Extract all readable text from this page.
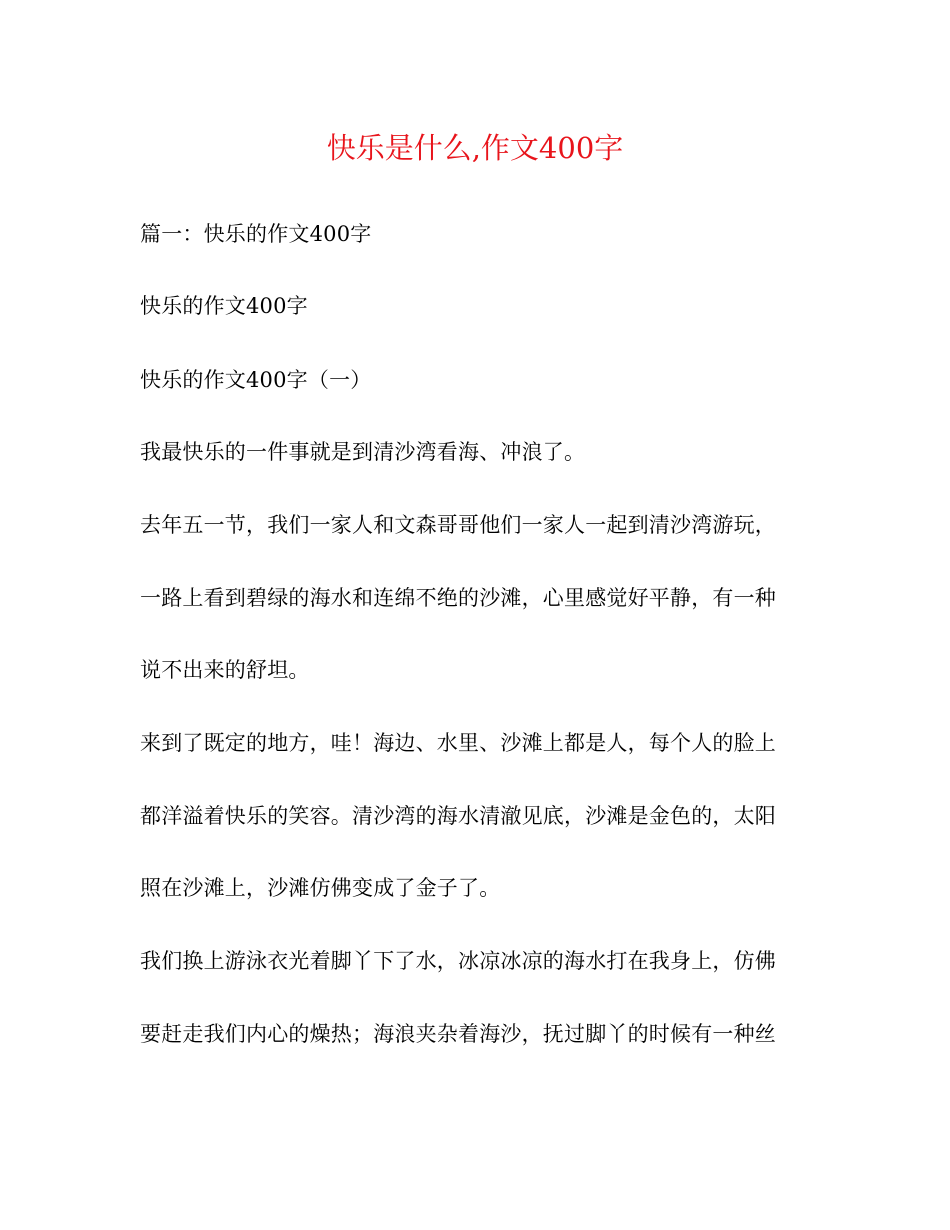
快乐是什么,作文400字
篇一：快乐的作文400字
快乐的作文400字
快乐的作文400字（一）
我最快乐的一件事就是到清沙湾看海、冲浪了。
去年五一节，我们一家人和文森哥哥他们一家人一起到清沙湾游玩，
一路上看到碧绿的海水和连绵不绝的沙滩，心里感觉好平静，有一种
说不出来的舒坦。
来到了既定的地方，哇！海边、水里、沙滩上都是人，每个人的脸上
都洋溢着快乐的笑容。清沙湾的海水清澈见底，沙滩是金色的，太阳
照在沙滩上，沙滩仿佛变成了金子了。
我们换上游泳衣光着脚丫下了水，冰凉冰凉的海水打在我身上，仿佛
要赶走我们内心的燥热；海浪夹杂着海沙，抚过脚丫的时候有一种丝
